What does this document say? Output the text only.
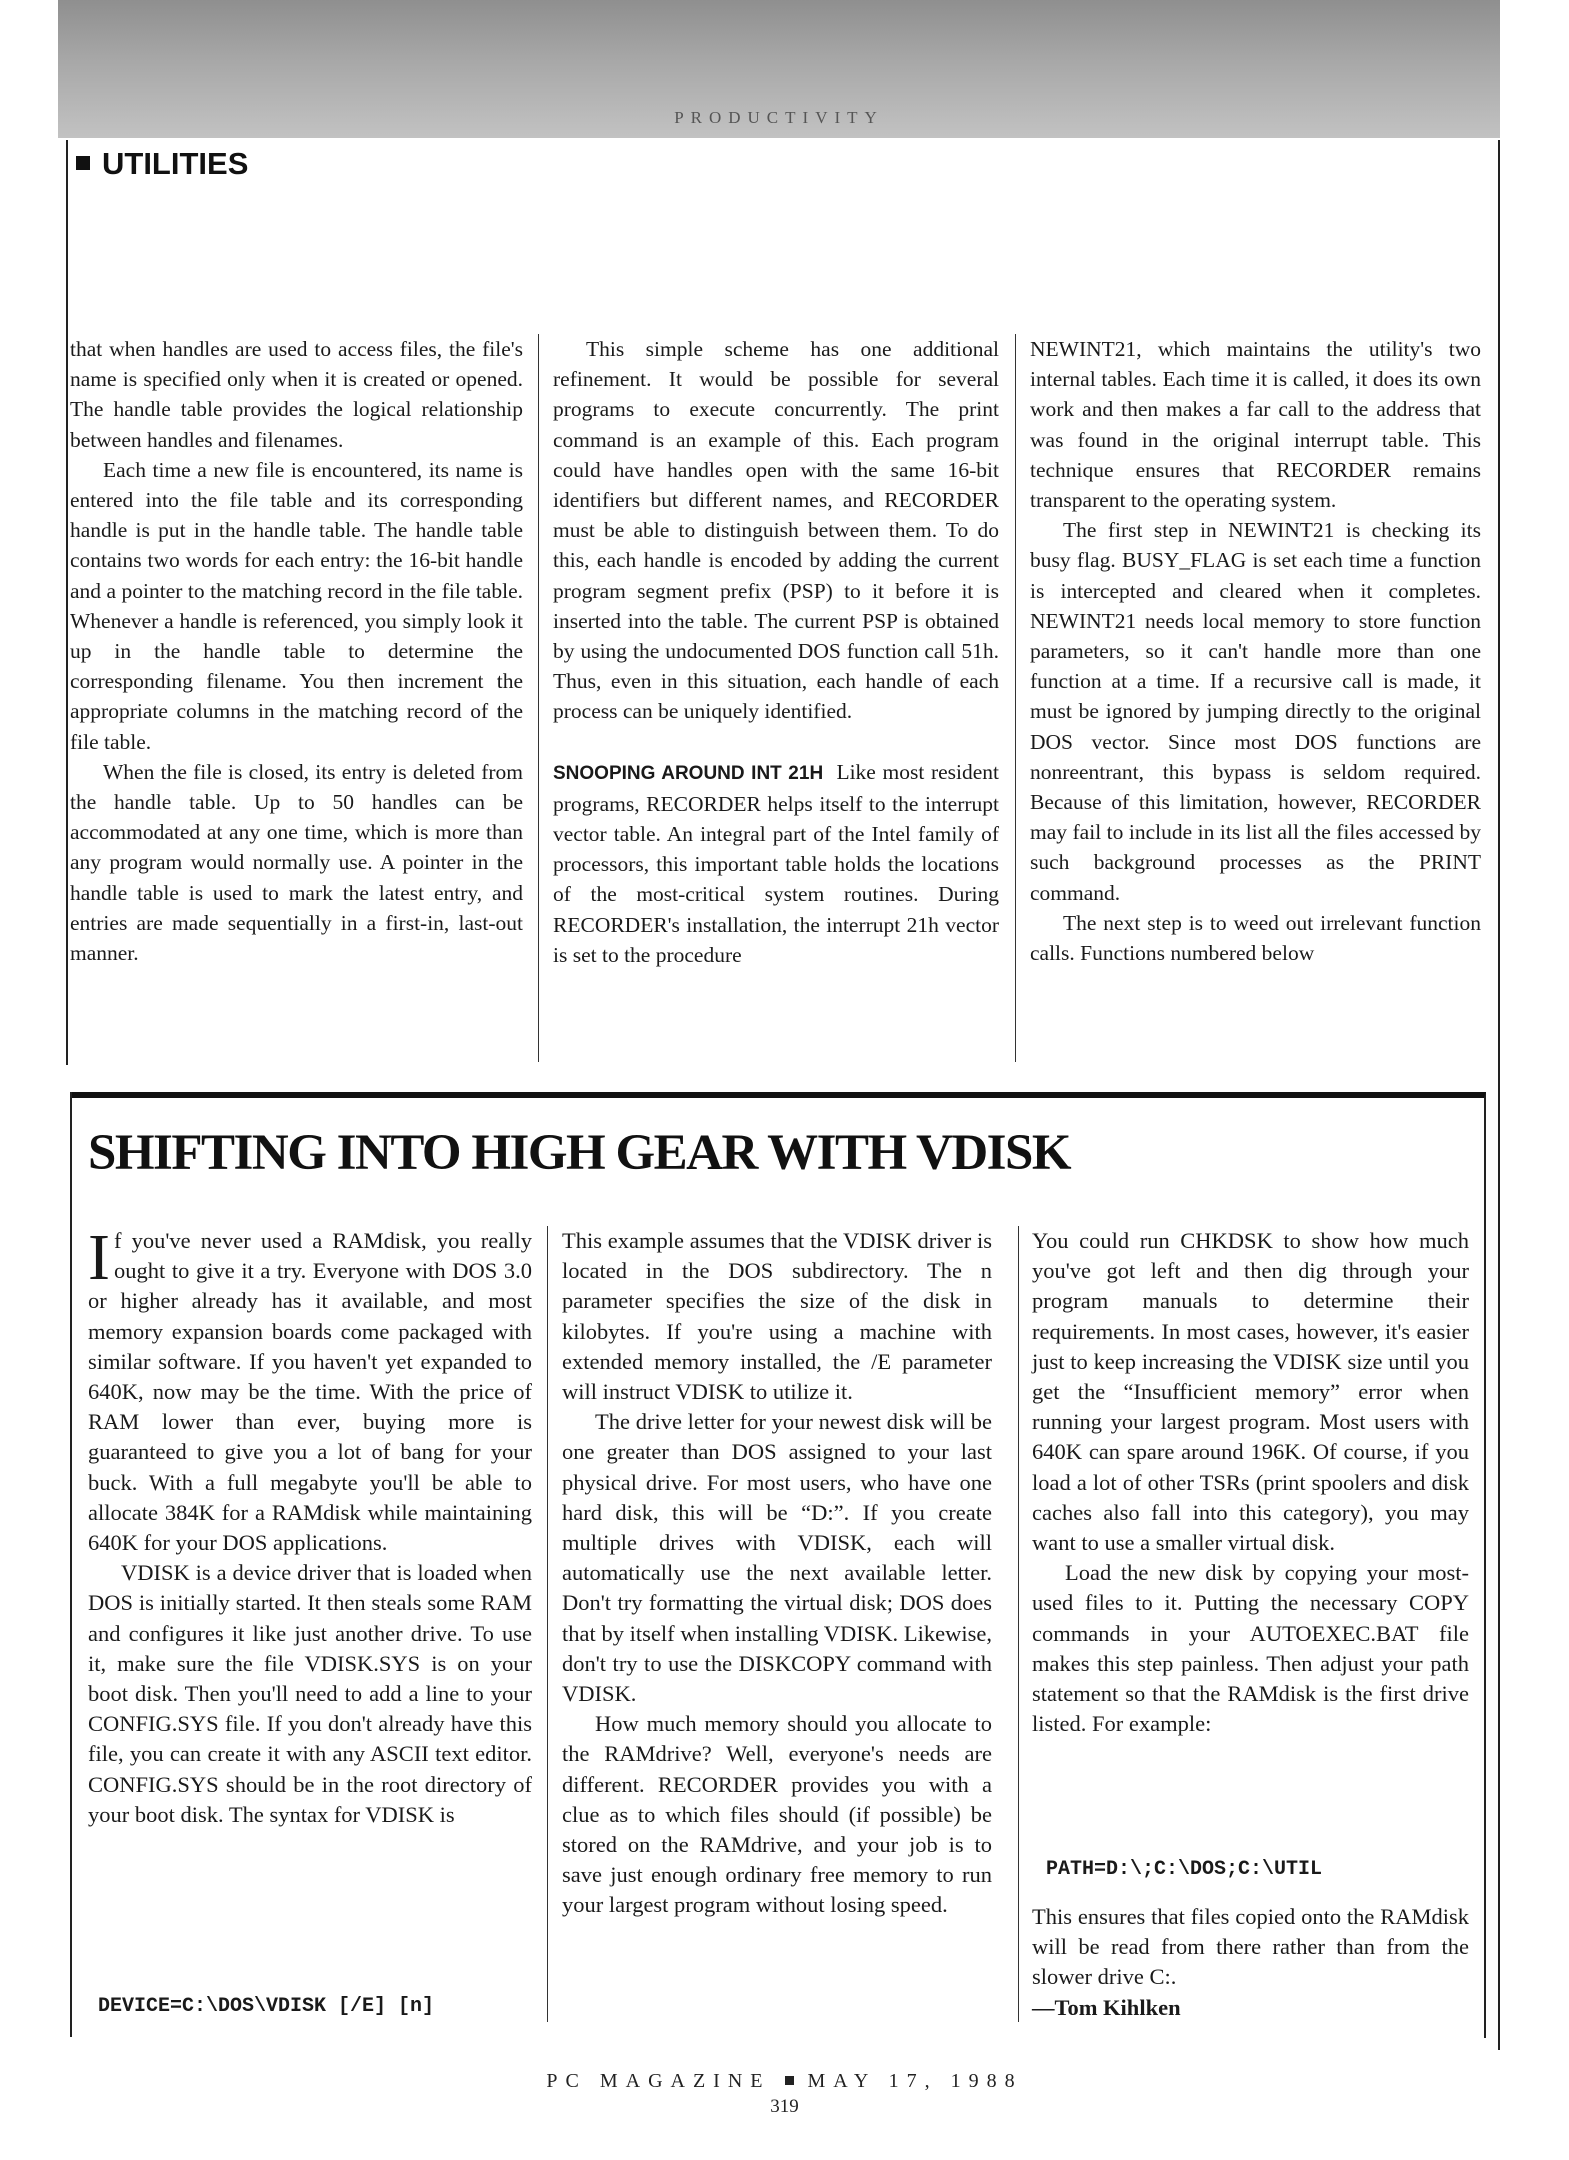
PRODUCTIVITY
UTILITIES

that when handles are used to access files, the file's name is specified only when it is created or opened. The handle table provides the logical relationship between handles and filenames.

Each time a new file is encountered, its name is entered into the file table and its corresponding handle is put in the handle table. The handle table contains two words for each entry: the 16-bit handle and a pointer to the matching record in the file table. Whenever a handle is referenced, you simply look it up in the handle table to determine the corresponding filename. You then increment the appropriate columns in the matching record of the file table.

When the file is closed, its entry is deleted from the handle table. Up to 50 handles can be accommodated at any one time, which is more than any program would normally use. A pointer in the handle table is used to mark the latest entry, and entries are made sequentially in a first-in, last-out manner.

This simple scheme has one additional refinement. It would be possible for several programs to execute concurrently. The print command is an example of this. Each program could have handles open with the same 16-bit identifiers but different names, and RECORDER must be able to distinguish between them. To do this, each handle is encoded by adding the current program segment prefix (PSP) to it before it is inserted into the table. The current PSP is obtained by using the undocumented DOS function call 51h. Thus, even in this situation, each handle of each process can be uniquely identified.

SNOOPING AROUND INT 21H Like most resident programs, RECORDER helps itself to the interrupt vector table. An integral part of the Intel family of processors, this important table holds the locations of the most-critical system routines. During RECORDER's installation, the interrupt 21h vector is set to the procedure

NEWINT21, which maintains the utility's two internal tables. Each time it is called, it does its own work and then makes a far call to the address that was found in the original interrupt table. This technique ensures that RECORDER remains transparent to the operating system.

The first step in NEWINT21 is checking its busy flag. BUSY_FLAG is set each time a function is intercepted and cleared when it completes. NEWINT21 needs local memory to store function parameters, so it can't handle more than one function at a time. If a recursive call is made, it must be ignored by jumping directly to the original DOS vector. Since most DOS functions are nonreentrant, this bypass is seldom required. Because of this limitation, however, RECORDER may fail to include in its list all the files accessed by such background processes as the PRINT command.

The next step is to weed out irrelevant function calls. Functions numbered below

SHIFTING INTO HIGH GEAR WITH VDISK

If you've never used a RAMdisk, you really ought to give it a try. Everyone with DOS 3.0 or higher already has it available, and most memory expansion boards come packaged with similar software. If you haven't yet expanded to 640K, now may be the time. With the price of RAM lower than ever, buying more is guaranteed to give you a lot of bang for your buck. With a full megabyte you'll be able to allocate 384K for a RAMdisk while maintaining 640K for your DOS applications.

VDISK is a device driver that is loaded when DOS is initially started. It then steals some RAM and configures it like just another drive. To use it, make sure the file VDISK.SYS is on your boot disk. Then you'll need to add a line to your CONFIG.SYS file. If you don't already have this file, you can create it with any ASCII text editor. CONFIG.SYS should be in the root directory of your boot disk. The syntax for VDISK is

DEVICE=C:\DOS\VDISK [/E] [n]

This example assumes that the VDISK driver is located in the DOS subdirectory. The n parameter specifies the size of the disk in kilobytes. If you're using a machine with extended memory installed, the /E parameter will instruct VDISK to utilize it.

The drive letter for your newest disk will be one greater than DOS assigned to your last physical drive. For most users, who have one hard disk, this will be “D:”. If you create multiple drives with VDISK, each will automatically use the next available letter. Don't try formatting the virtual disk; DOS does that by itself when installing VDISK. Likewise, don't try to use the DISKCOPY command with VDISK.

How much memory should you allocate to the RAMdrive? Well, everyone's needs are different. RECORDER provides you with a clue as to which files should (if possible) be stored on the RAMdrive, and your job is to save just enough ordinary free memory to run your largest program without losing speed.

You could run CHKDSK to show how much you've got left and then dig through your program manuals to determine their requirements. In most cases, however, it's easier just to keep increasing the VDISK size until you get the “Insufficient memory” error when running your largest program. Most users with 640K can spare around 196K. Of course, if you load a lot of other TSRs (print spoolers and disk caches also fall into this category), you may want to use a smaller virtual disk.

Load the new disk by copying your most-used files to it. Putting the necessary COPY commands in your AUTOEXEC.BAT file makes this step painless. Then adjust your path statement so that the RAMdisk is the first drive listed. For example:

PATH=D:\;C:\DOS;C:\UTIL

This ensures that files copied onto the RAMdisk will be read from there rather than from the slower drive C:.

—Tom Kihlken

PC MAGAZINE MAY 17, 1988
319
